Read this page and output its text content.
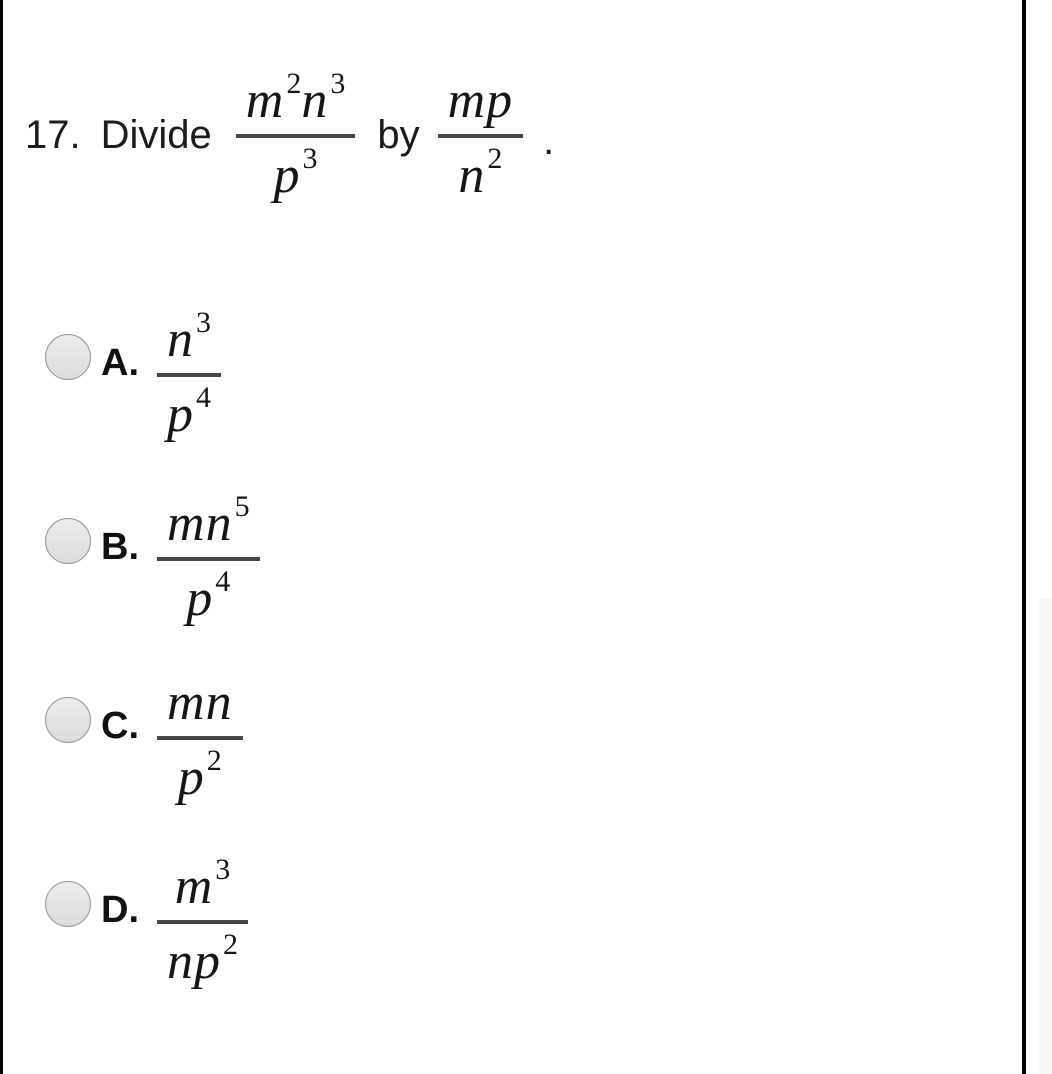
17. Divide $\frac{m 2 n 3}{p 3}$ by $\frac{\text{m p}}{n 2}$ .
A. $\frac{n 3}{p 4}$
B. $\frac{\text{m n 5}}{p 4}$
C. $\frac{\text{m n}}{p 2}$
D. $\frac{m 3}{\text{n p 2}}$
